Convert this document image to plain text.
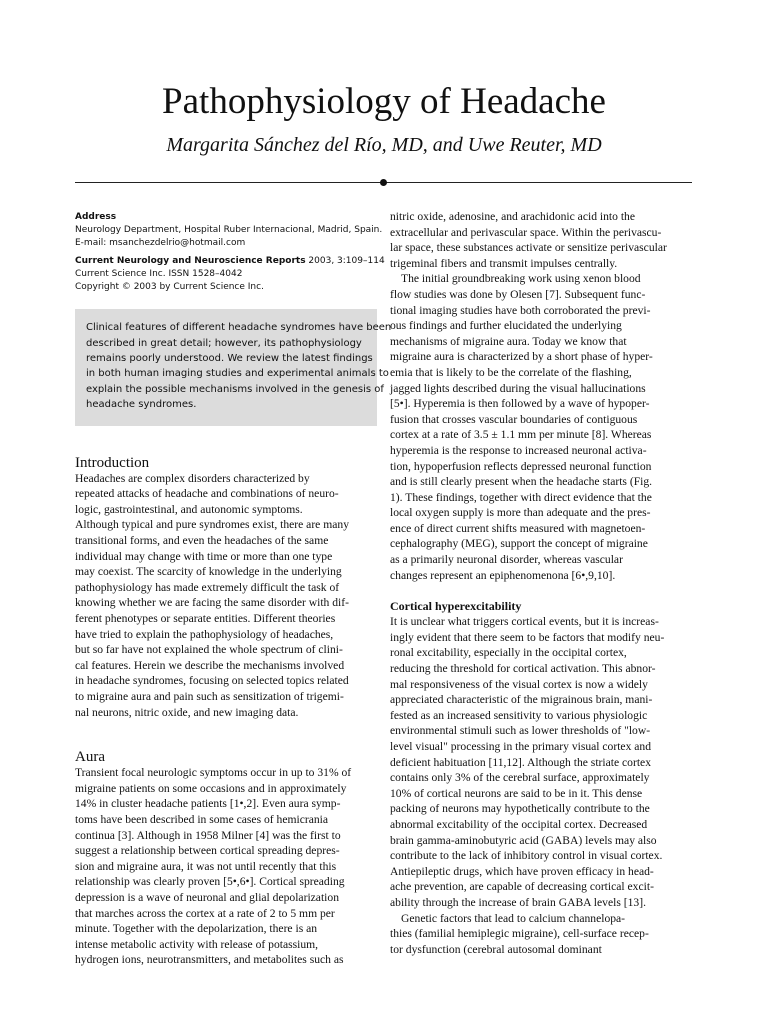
Pathophysiology of Headache

Margarita Sánchez del Río, MD, and Uwe Reuter, MD

Address

Neurology Department, Hospital Ruber Internacional, Madrid, Spain.

E-mail: msanchezdelrio@hotmail.com

Current Neurology and Neuroscience Reports 2003, 3:109–114

Current Science Inc. ISSN 1528–4042

Copyright © 2003 by Current Science Inc.

Clinical features of different headache syndromes have been

described in great detail; however, its pathophysiology

remains poorly understood. We review the latest findings

in both human imaging studies and experimental animals to

explain the possible mechanisms involved in the genesis of

headache syndromes.

Introduction

Headaches are complex disorders characterized by

repeated attacks of headache and combinations of neuro-

logic, gastrointestinal, and autonomic symptoms.

Although typical and pure syndromes exist, there are many

transitional forms, and even the headaches of the same

individual may change with time or more than one type

may coexist. The scarcity of knowledge in the underlying

pathophysiology has made extremely difficult the task of

knowing whether we are facing the same disorder with dif-

ferent phenotypes or separate entities. Different theories

have tried to explain the pathophysiology of headaches,

but so far have not explained the whole spectrum of clini-

cal features. Herein we describe the mechanisms involved

in headache syndromes, focusing on selected topics related

to migraine aura and pain such as sensitization of trigemi-

nal neurons, nitric oxide, and new imaging data.

Aura

Transient focal neurologic symptoms occur in up to 31% of

migraine patients on some occasions and in approximately

14% in cluster headache patients [1•,2]. Even aura symp-

toms have been described in some cases of hemicrania

continua [3]. Although in 1958 Milner [4] was the first to

suggest a relationship between cortical spreading depres-

sion and migraine aura, it was not until recently that this

relationship was clearly proven [5•,6•]. Cortical spreading

depression is a wave of neuronal and glial depolarization

that marches across the cortex at a rate of 2 to 5 mm per

minute. Together with the depolarization, there is an

intense metabolic activity with release of potassium,

hydrogen ions, neurotransmitters, and metabolites such as

nitric oxide, adenosine, and arachidonic acid into the

extracellular and perivascular space. Within the perivascu-

lar space, these substances activate or sensitize perivascular

trigeminal fibers and transmit impulses centrally.

The initial groundbreaking work using xenon blood

flow studies was done by Olesen [7]. Subsequent func-

tional imaging studies have both corroborated the previ-

ous findings and further elucidated the underlying

mechanisms of migraine aura. Today we know that

migraine aura is characterized by a short phase of hyper-

emia that is likely to be the correlate of the flashing,

jagged lights described during the visual hallucinations

[5•]. Hyperemia is then followed by a wave of hypoper-

fusion that crosses vascular boundaries of contiguous

cortex at a rate of 3.5 ± 1.1 mm per minute [8]. Whereas

hyperemia is the response to increased neuronal activa-

tion, hypoperfusion reflects depressed neuronal function

and is still clearly present when the headache starts (Fig.

1). These findings, together with direct evidence that the

local oxygen supply is more than adequate and the pres-

ence of direct current shifts measured with magnetoen-

cephalography (MEG), support the concept of migraine

as a primarily neuronal disorder, whereas vascular

changes represent an epiphenomenona [6•,9,10].

Cortical hyperexcitability

It is unclear what triggers cortical events, but it is increas-

ingly evident that there seem to be factors that modify neu-

ronal excitability, especially in the occipital cortex,

reducing the threshold for cortical activation. This abnor-

mal responsiveness of the visual cortex is now a widely

appreciated characteristic of the migrainous brain, mani-

fested as an increased sensitivity to various physiologic

environmental stimuli such as lower thresholds of "low-

level visual" processing in the primary visual cortex and

deficient habituation [11,12]. Although the striate cortex

contains only 3% of the cerebral surface, approximately

10% of cortical neurons are said to be in it. This dense

packing of neurons may hypothetically contribute to the

abnormal excitability of the occipital cortex. Decreased

brain gamma-aminobutyric acid (GABA) levels may also

contribute to the lack of inhibitory control in visual cortex.

Antiepileptic drugs, which have proven efficacy in head-

ache prevention, are capable of decreasing cortical excit-

ability through the increase of brain GABA levels [13].

Genetic factors that lead to calcium channelopa-

thies (familial hemiplegic migraine), cell-surface recep-

tor dysfunction (cerebral autosomal dominant
